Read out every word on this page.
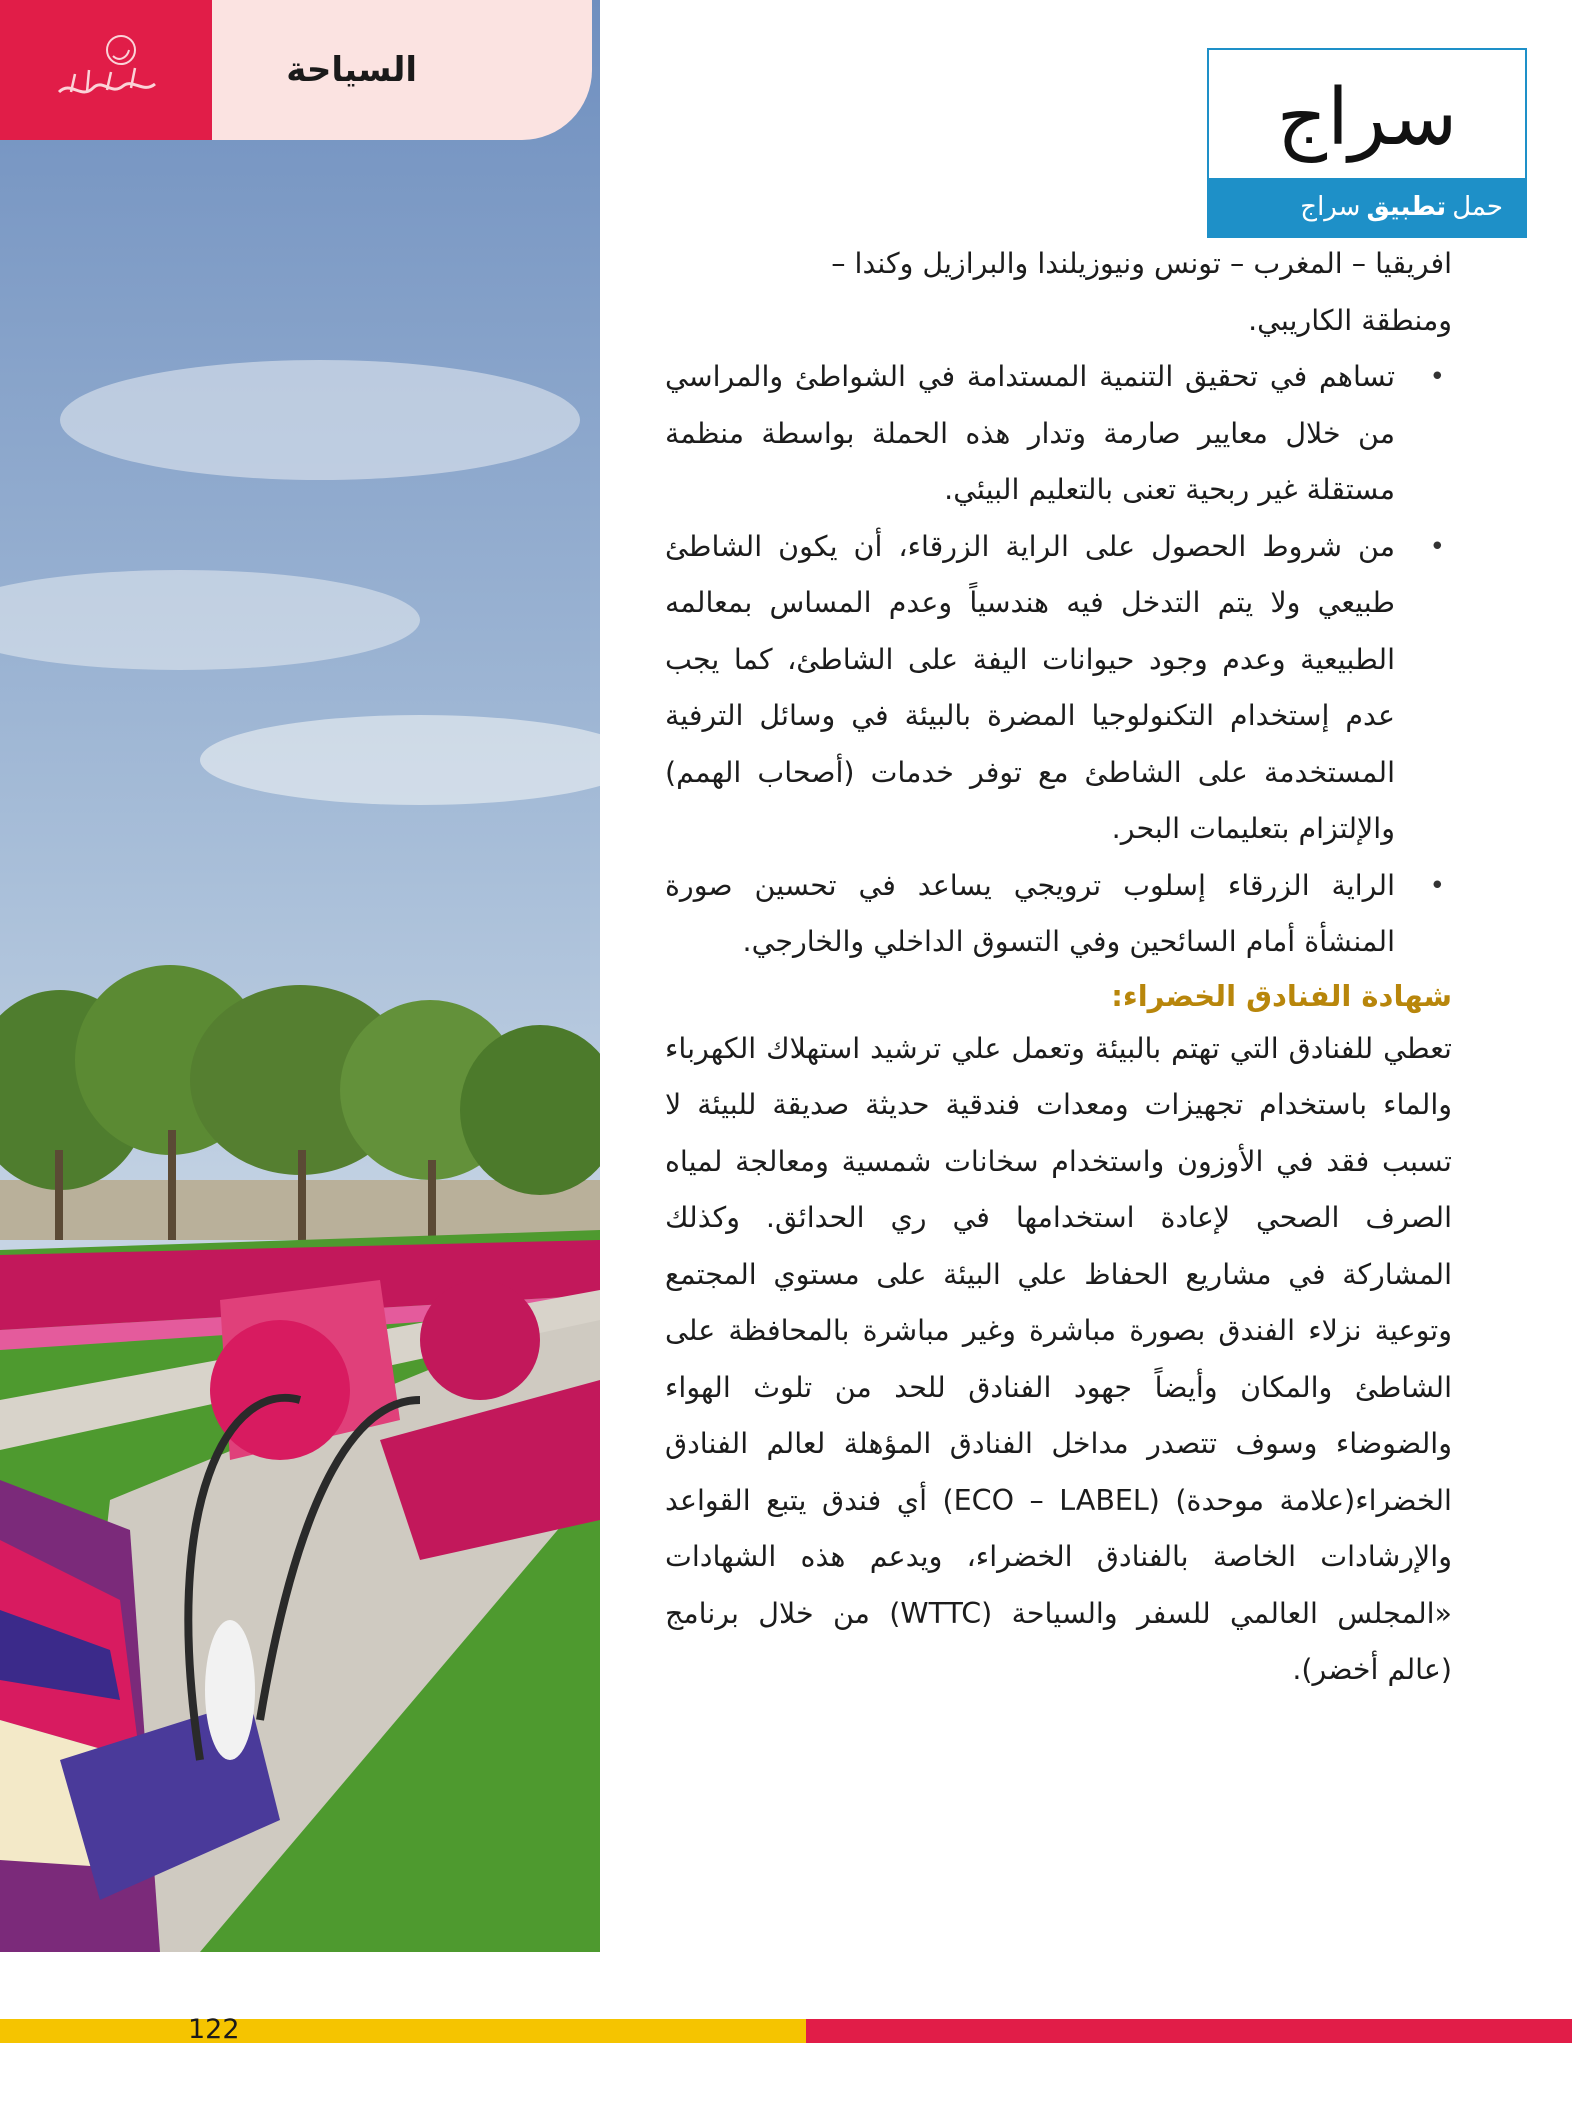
السياحة
سراج
حمل
تطبيق
سراج

افريقيا – المغرب – تونس ونيوزيلندا والبرازيل وكندا –

ومنطقة الكاريبي.

• تساهم في تحقيق التنمية المستدامة في الشواطئ والمراسي من خلال معايير صارمة وتدار هذه الحملة بواسطة منظمة مستقلة غير ربحية تعنى بالتعليم البيئي.
• من شروط الحصول على الراية الزرقاء، أن يكون الشاطئ طبيعي ولا يتم التدخل فيه هندسياً وعدم المساس بمعالمه الطبيعية وعدم وجود حيوانات اليفة على الشاطئ، كما يجب عدم إستخدام التكنولوجيا المضرة بالبيئة في وسائل الترفية المستخدمة على الشاطئ مع توفر خدمات (أصحاب الهمم) والإلتزام بتعليمات البحر.
• الراية الزرقاء إسلوب ترويجي يساعد في تحسين صورة المنشأة أمام السائحين وفي التسوق الداخلي والخارجي.

شهادة الفنادق الخضراء:

تعطي للفنادق التي تهتم بالبيئة وتعمل علي ترشيد استهلاك الكهرباء والماء باستخدام تجهيزات ومعدات فندقية حديثة صديقة للبيئة لا تسبب فقد في الأوزون واستخدام سخانات شمسية ومعالجة لمياه الصرف الصحي لإعادة استخدامها في ري الحدائق. وكذلك المشاركة في مشاريع الحفاظ علي البيئة على مستوي المجتمع وتوعية نزلاء الفندق بصورة مباشرة وغير مباشرة بالمحافظة على الشاطئ والمكان وأيضاً جهود الفنادق للحد من تلوث الهواء والضوضاء وسوف تتصدر مداخل الفنادق المؤهلة لعالم الفنادق الخضراء(علامة موحدة) (ECO – LABEL) أي فندق يتبع القواعد والإرشادات الخاصة بالفنادق الخضراء، ويدعم هذه الشهادات «المجلس العالمي للسفر والسياحة (WTTC) من خلال برنامج (عالم أخضر).

122
